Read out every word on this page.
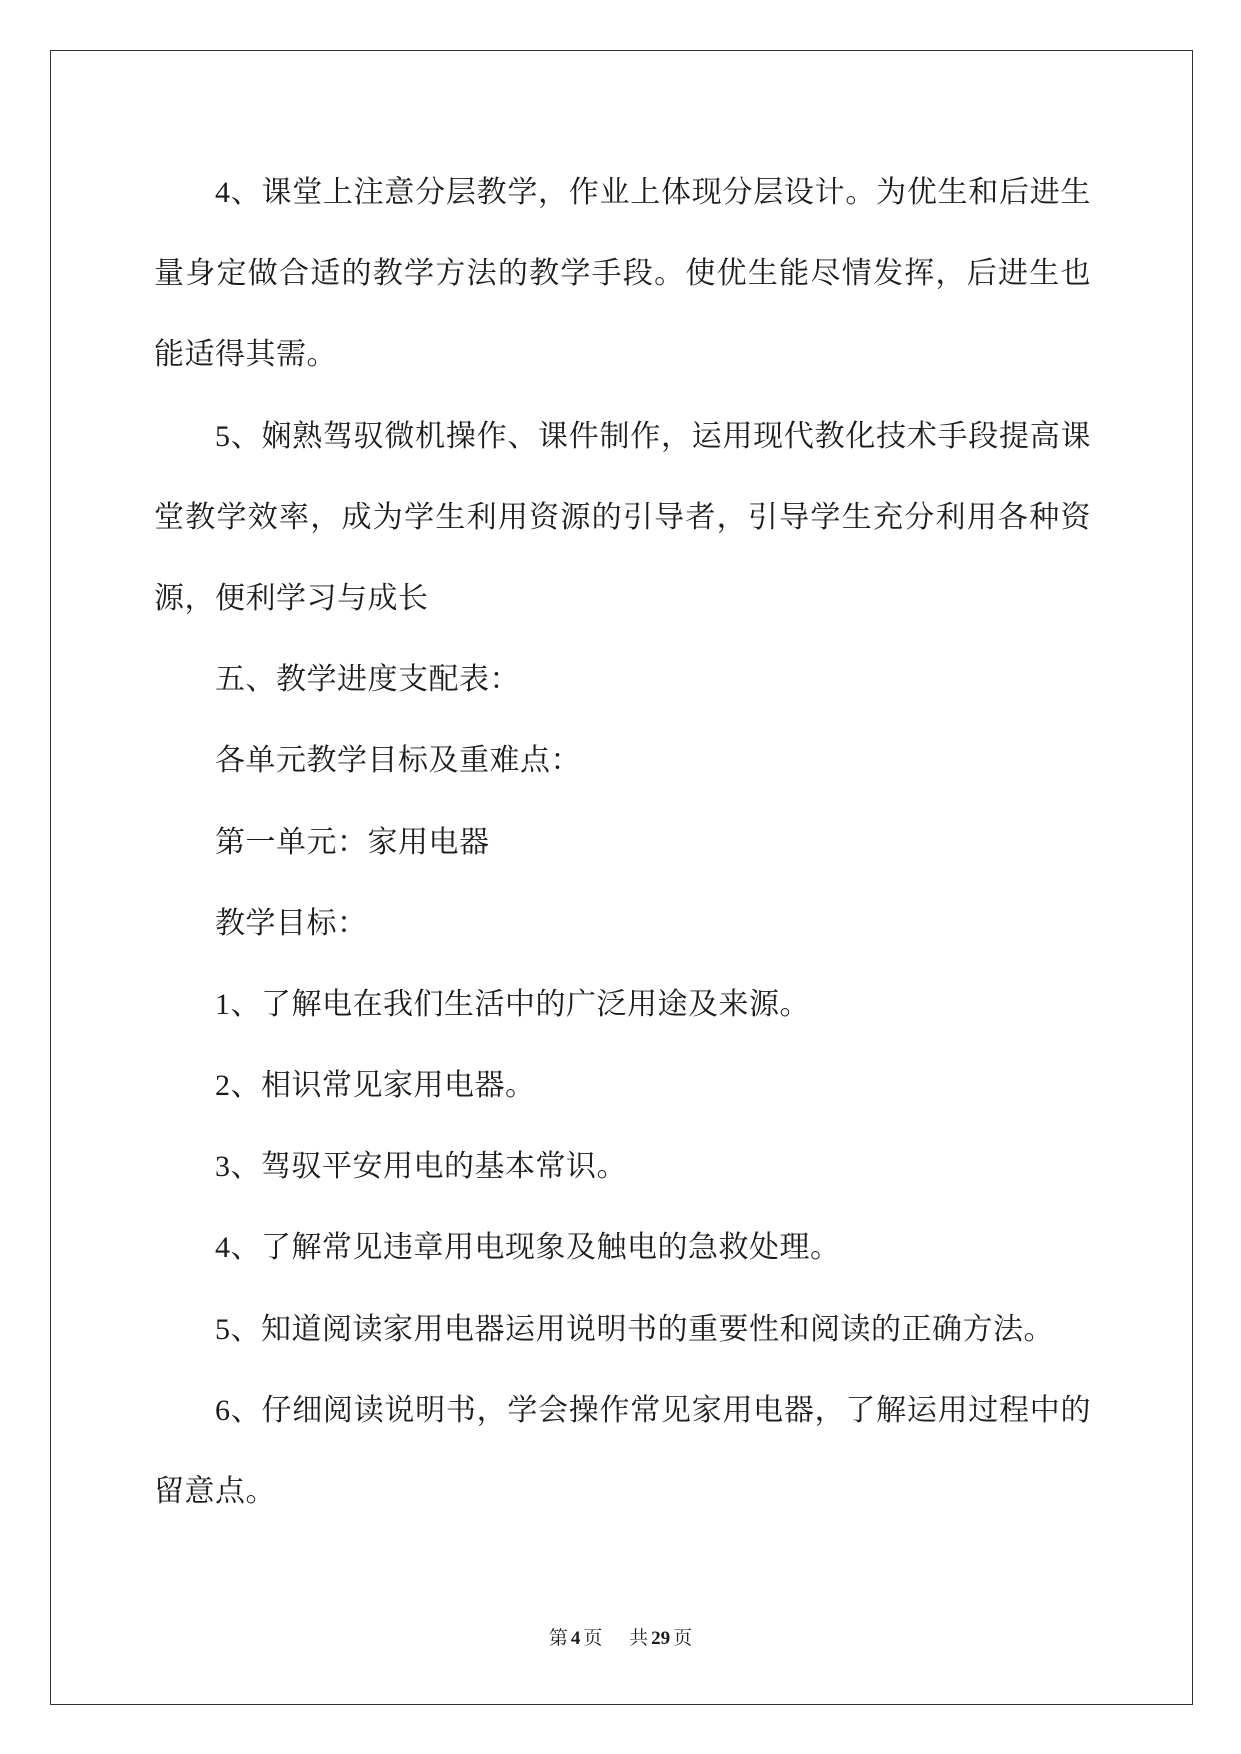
4、课堂上注意分层教学，作业上体现分层设计。为优生和后进生
量身定做合适的教学方法的教学手段。使优生能尽情发挥，后进生也
能适得其需。
5、娴熟驾驭微机操作、课件制作，运用现代教化技术手段提高课
堂教学效率，成为学生利用资源的引导者，引导学生充分利用各种资
源，便利学习与成长
五、教学进度支配表：
各单元教学目标及重难点：
第一单元：家用电器
教学目标：
1、了解电在我们生活中的广泛用途及来源。
2、相识常见家用电器。
3、驾驭平安用电的基本常识。
4、了解常见违章用电现象及触电的急救处理。
5、知道阅读家用电器运用说明书的重要性和阅读的正确方法。
6、仔细阅读说明书，学会操作常见家用电器，了解运用过程中的
留意点。
第 4 页 共 29 页
